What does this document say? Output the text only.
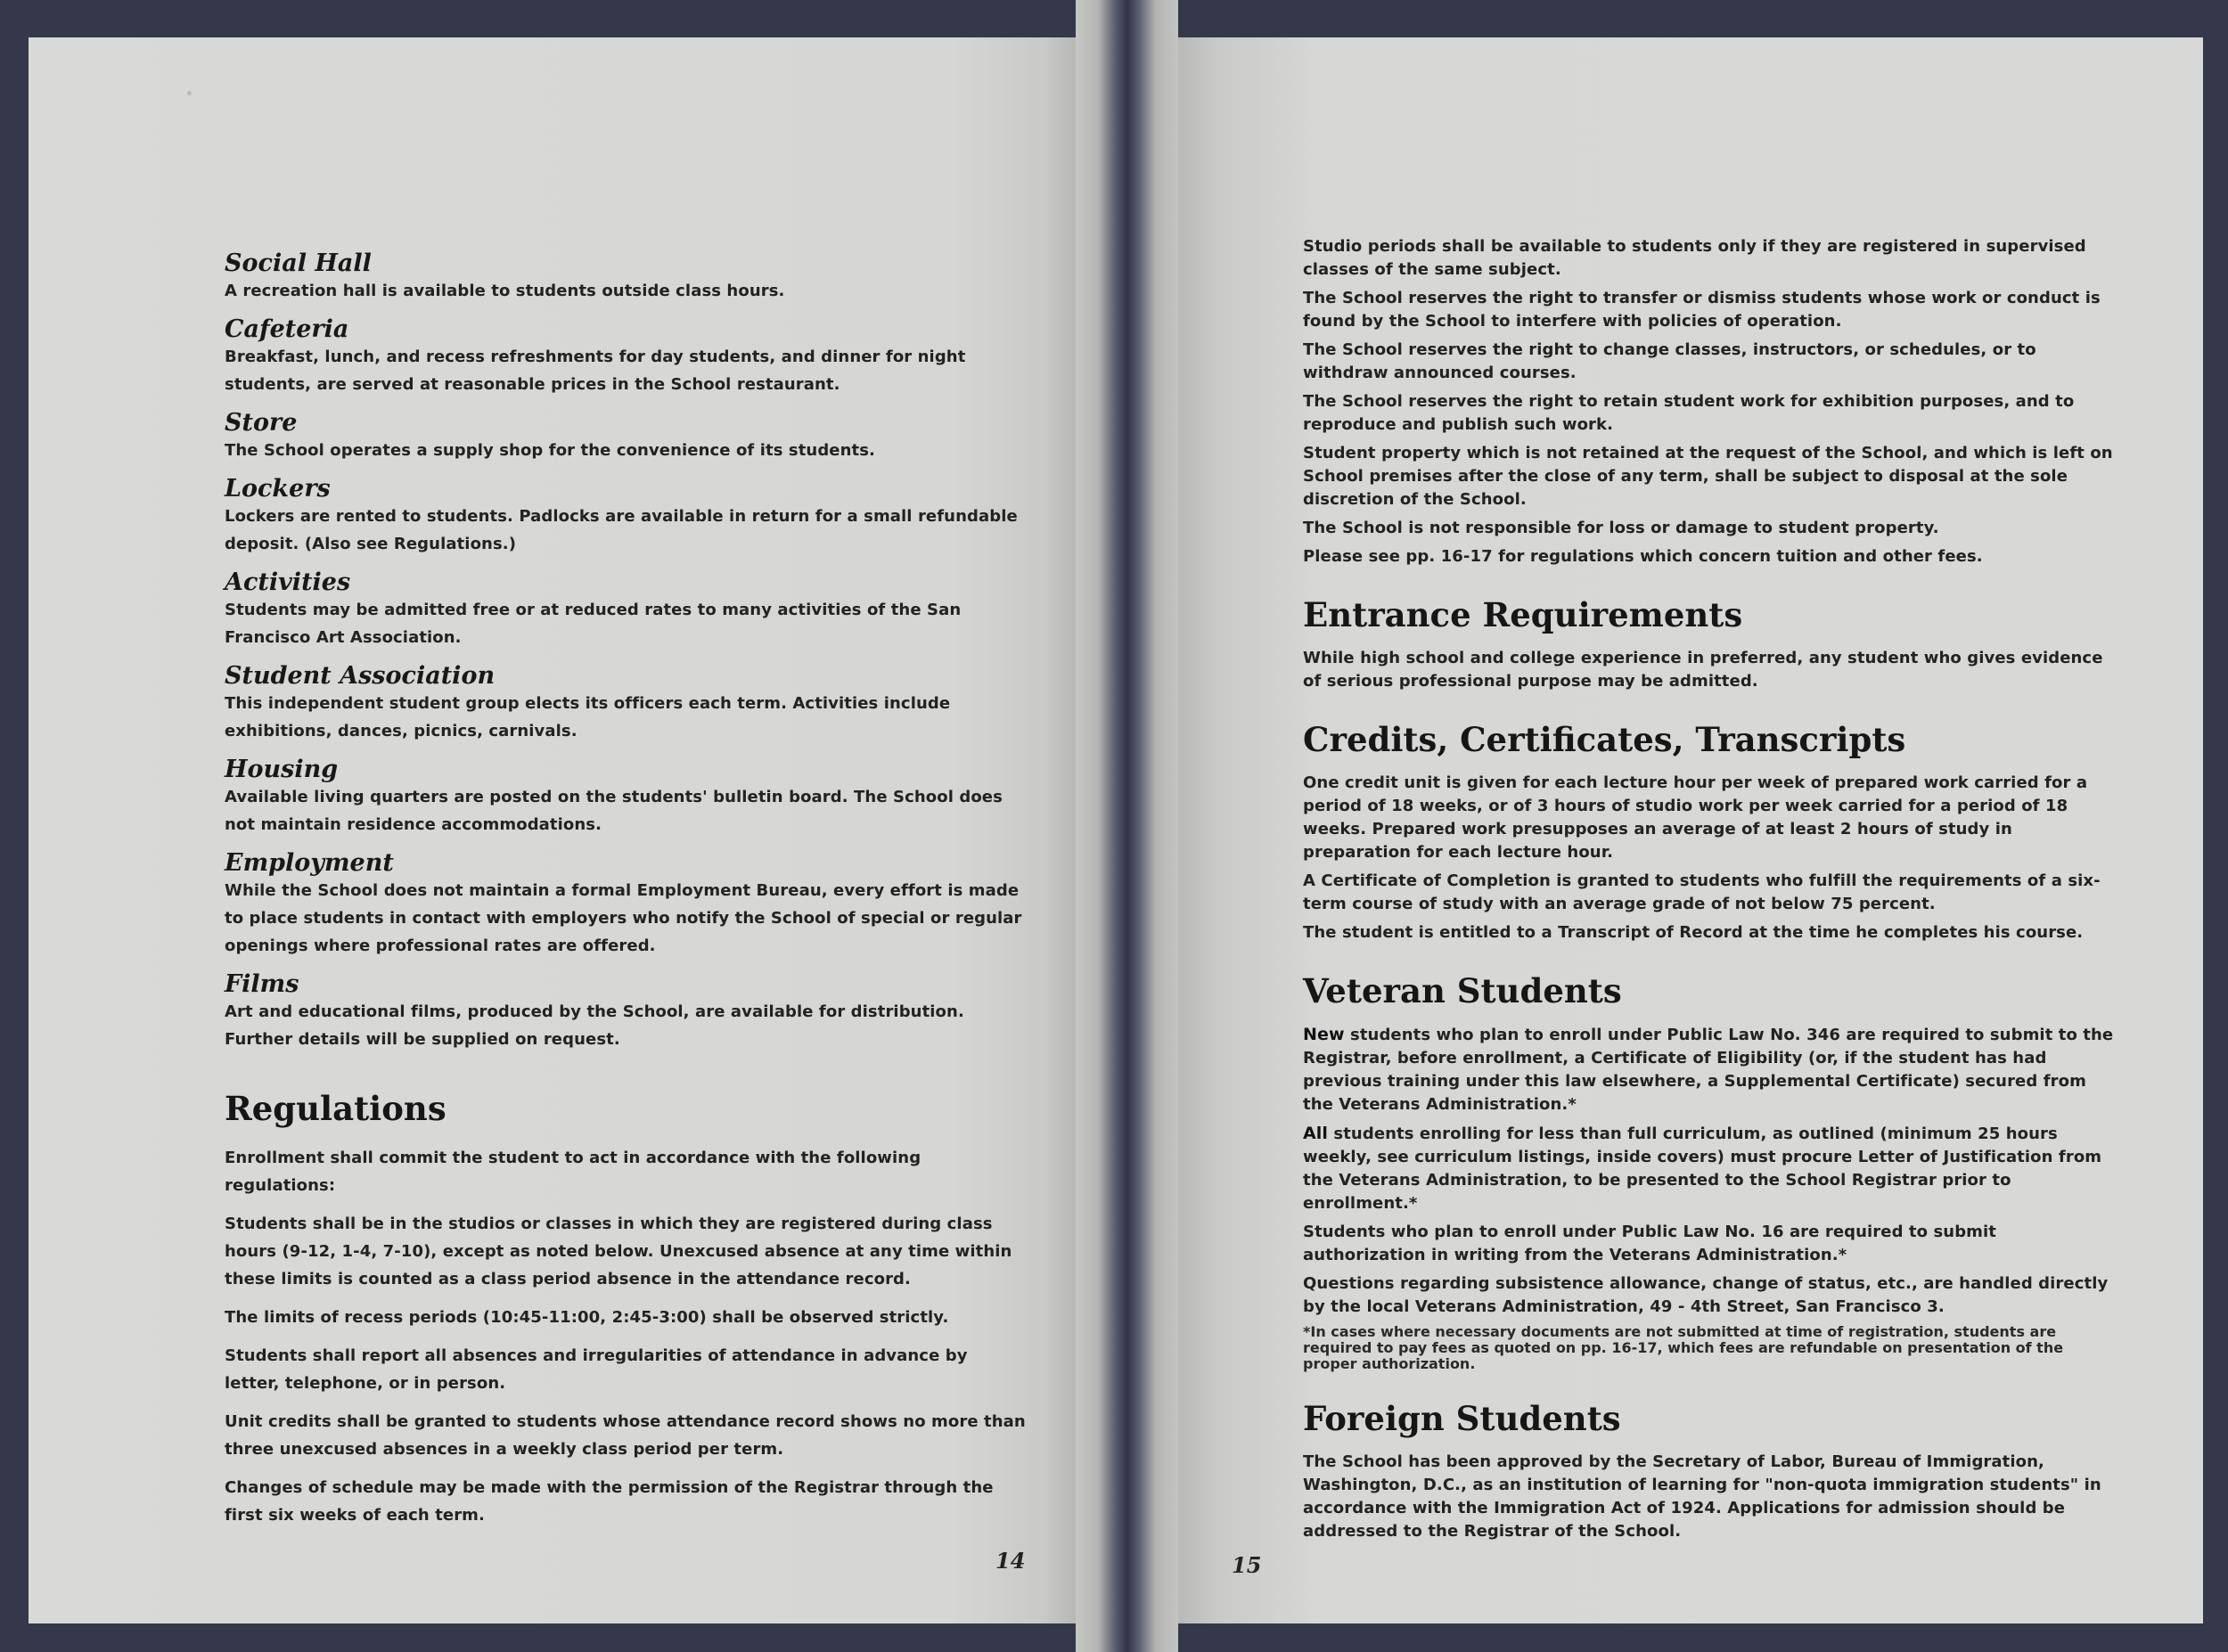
Social Hall

A recreation hall is available to students outside class hours.

Cafeteria

Breakfast, lunch, and recess refreshments for day students, and dinner for night students, are served at reasonable prices in the School restaurant.

Store

The School operates a supply shop for the convenience of its students.

Lockers

Lockers are rented to students. Padlocks are available in return for a small refundable deposit. (Also see Regulations.)

Activities

Students may be admitted free or at reduced rates to many activities of the San Francisco Art Association.

Student Association

This independent student group elects its officers each term. Activities include exhibitions, dances, picnics, carnivals.

Housing

Available living quarters are posted on the students' bulletin board. The School does not maintain residence accommodations.

Employment

While the School does not maintain a formal Employment Bureau, every effort is made to place students in contact with employers who notify the School of special or regular openings where professional rates are offered.

Films

Art and educational films, produced by the School, are available for distribution. Further details will be supplied on request.

Regulations

Enrollment shall commit the student to act in accordance with the following regulations:

Students shall be in the studios or classes in which they are registered during class hours (9-12, 1-4, 7-10), except as noted below. Unexcused absence at any time within these limits is counted as a class period absence in the attendance record.

The limits of recess periods (10:45-11:00, 2:45-3:00) shall be observed strictly.

Students shall report all absences and irregularities of attendance in advance by letter, telephone, or in person.

Unit credits shall be granted to students whose attendance record shows no more than three unexcused absences in a weekly class period per term.

Changes of schedule may be made with the permission of the Registrar through the first six weeks of each term.

14

Studio periods shall be available to students only if they are registered in supervised classes of the same subject.

The School reserves the right to transfer or dismiss students whose work or conduct is found by the School to interfere with policies of operation.

The School reserves the right to change classes, instructors, or schedules, or to withdraw announced courses.

The School reserves the right to retain student work for exhibition purposes, and to reproduce and publish such work.

Student property which is not retained at the request of the School, and which is left on School premises after the close of any term, shall be subject to disposal at the sole discretion of the School.

The School is not responsible for loss or damage to student property.

Please see pp. 16-17 for regulations which concern tuition and other fees.

Entrance Requirements

While high school and college experience in preferred, any student who gives evidence of serious professional purpose may be admitted.

Credits, Certificates, Transcripts

One credit unit is given for each lecture hour per week of prepared work carried for a period of 18 weeks, or of 3 hours of studio work per week carried for a period of 18 weeks. Prepared work presupposes an average of at least 2 hours of study in preparation for each lecture hour.

A Certificate of Completion is granted to students who fulfill the requirements of a six-term course of study with an average grade of not below 75 percent.

The student is entitled to a Transcript of Record at the time he completes his course.

Veteran Students

New students who plan to enroll under Public Law No. 346 are required to submit to the Registrar, before enrollment, a Certificate of Eligibility (or, if the student has had previous training under this law elsewhere, a Supplemental Certificate) secured from the Veterans Administration.*

All students enrolling for less than full curriculum, as outlined (minimum 25 hours weekly, see curriculum listings, inside covers) must procure Letter of Justification from the Veterans Administration, to be presented to the School Registrar prior to enrollment.*

Students who plan to enroll under Public Law No. 16 are required to submit authorization in writing from the Veterans Administration.*

Questions regarding subsistence allowance, change of status, etc., are handled directly by the local Veterans Administration, 49 - 4th Street, San Francisco 3.

*In cases where necessary documents are not submitted at time of registration, students are required to pay fees as quoted on pp. 16-17, which fees are refundable on presentation of the proper authorization.

Foreign Students

The School has been approved by the Secretary of Labor, Bureau of Immigration, Washington, D.C., as an institution of learning for "non-quota immigration students" in accordance with the Immigration Act of 1924. Applications for admission should be addressed to the Registrar of the School.

15
